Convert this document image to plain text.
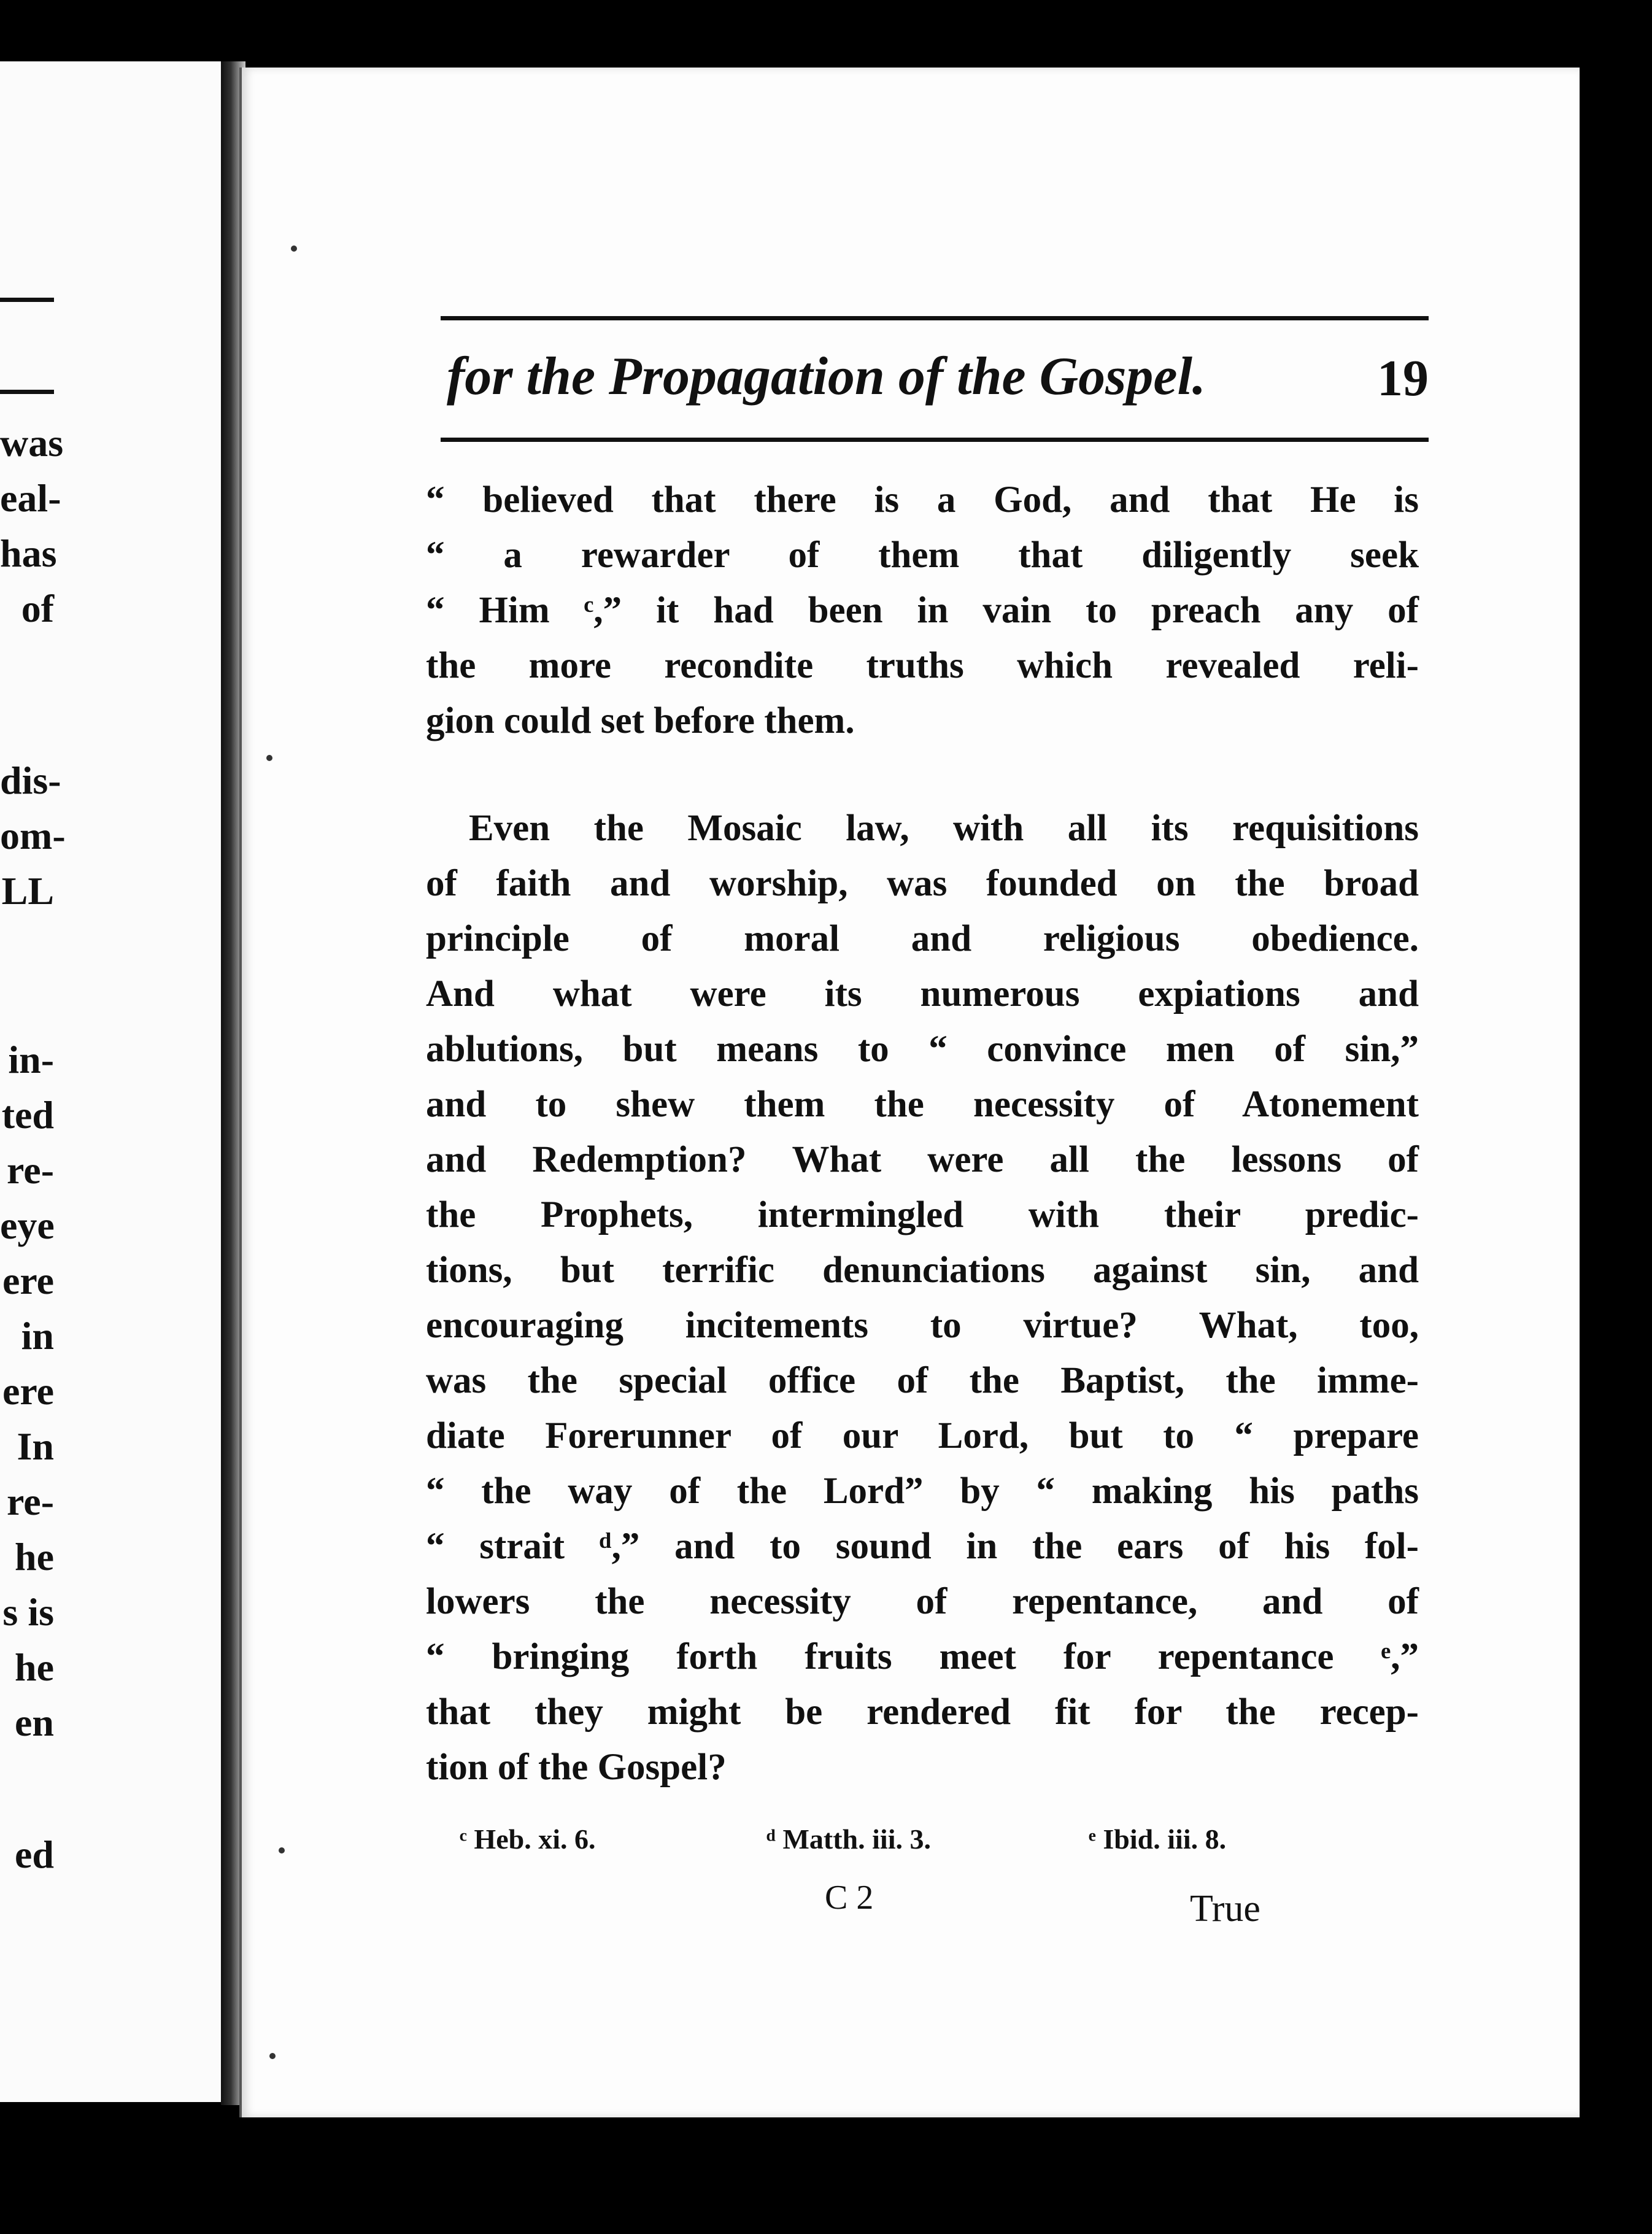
was
eal-
has
of
dis-
om-
LL
in-
ted
re-
eye
ere
in
ere
In
re-
he
s is
he
en
ed
for the Propagation of the Gospel.	19
“ believed that there is a God, and that He is
“ a rewarder of them that diligently seek
“ Him ᶜ,” it had been in vain to preach any of
the more recondite truths which revealed reli-
gion could set before them.
Even the Mosaic law, with all its requisitions
of faith and worship, was founded on the broad
principle of moral and religious obedience.
And what were its numerous expiations and
ablutions, but means to “ convince men of sin,”
and to shew them the necessity of Atonement
and Redemption? What were all the lessons of
the Prophets, intermingled with their predic-
tions, but terrific denunciations against sin, and
encouraging incitements to virtue? What, too,
was the special office of the Baptist, the imme-
diate Forerunner of our Lord, but to “ prepare
“ the way of the Lord” by “ making his paths
“ strait ᵈ,” and to sound in the ears of his fol-
lowers the necessity of repentance, and of
“ bringing forth fruits meet for repentance ᵉ,”
that they might be rendered fit for the recep-
tion of the Gospel?
ᶜ Heb. xi. 6.	ᵈ Matth. iii. 3.	ᵉ Ibid. iii. 8.
C 2	True
